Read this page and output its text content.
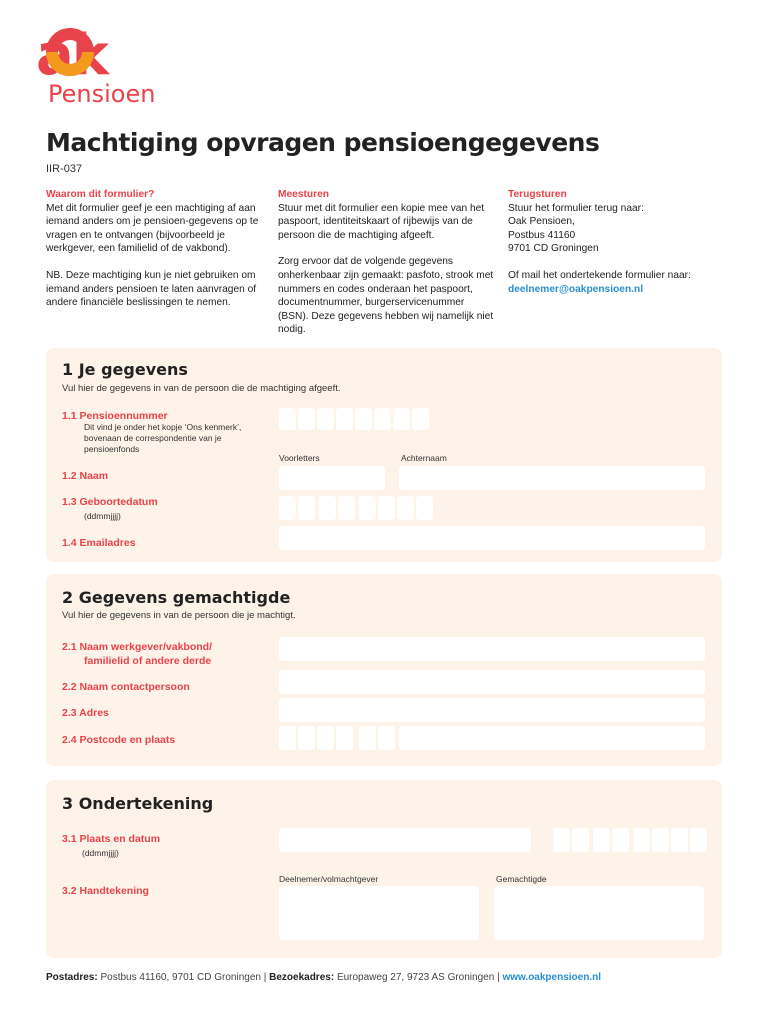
ak
Pensioen
Machtiging opvragen pensioengegevens
IIR-037

Waarom dit formulier?

Met dit formulier geef je een machtiging af aan iemand anders om je pensioen-gegevens op te vragen en te ontvangen (bijvoorbeeld je werkgever, een familielid of de vakbond).

NB. Deze machtiging kun je niet gebruiken om iemand anders pensioen te laten aanvragen of andere financiële beslissingen te nemen.

Meesturen

Stuur met dit formulier een kopie mee van het paspoort, identiteitskaart of rijbewijs van de persoon die de machtiging afgeeft.

Zorg ervoor dat de volgende gegevens onherkenbaar zijn gemaakt: pasfoto, strook met nummers en codes onderaan het paspoort, documentnummer, burgerservicenummer (BSN). Deze gegevens hebben wij namelijk niet nodig.

Terugsturen

Stuur het formulier terug naar:

Oak Pensioen,

Postbus 41160

9701 CD Groningen

Of mail het ondertekende formulier naar:

deelnemer@oakpensioen.nl

1 Je gegevens
Vul hier de gegevens in van de persoon die de machtiging afgeeft.
1.1 Pensioennummer
Dit vind je onder het kopje ‘Ons kenmerk’, bovenaan de correspondentie van je pensioenfonds
Voorletters	Achternaam
1.2 Naam
1.3 Geboortedatum
(ddmmjjjj)
1.4 Emailadres
2 Gegevens gemachtigde
Vul hier de gegevens in van de persoon die je machtigt.
2.1 Naam werkgever/vakbond/
familielid of andere derde
2.2 Naam contactpersoon
2.3 Adres
2.4 Postcode en plaats
3 Ondertekening
3.1 Plaats en datum
(ddmmjjjj)
Deelnemer/volmachtgever	Gemachtigde
3.2 Handtekening
Postadres: Postbus 41160, 9701 CD Groningen | Bezoekadres: Europaweg 27, 9723 AS Groningen | www.oakpensioen.nl
